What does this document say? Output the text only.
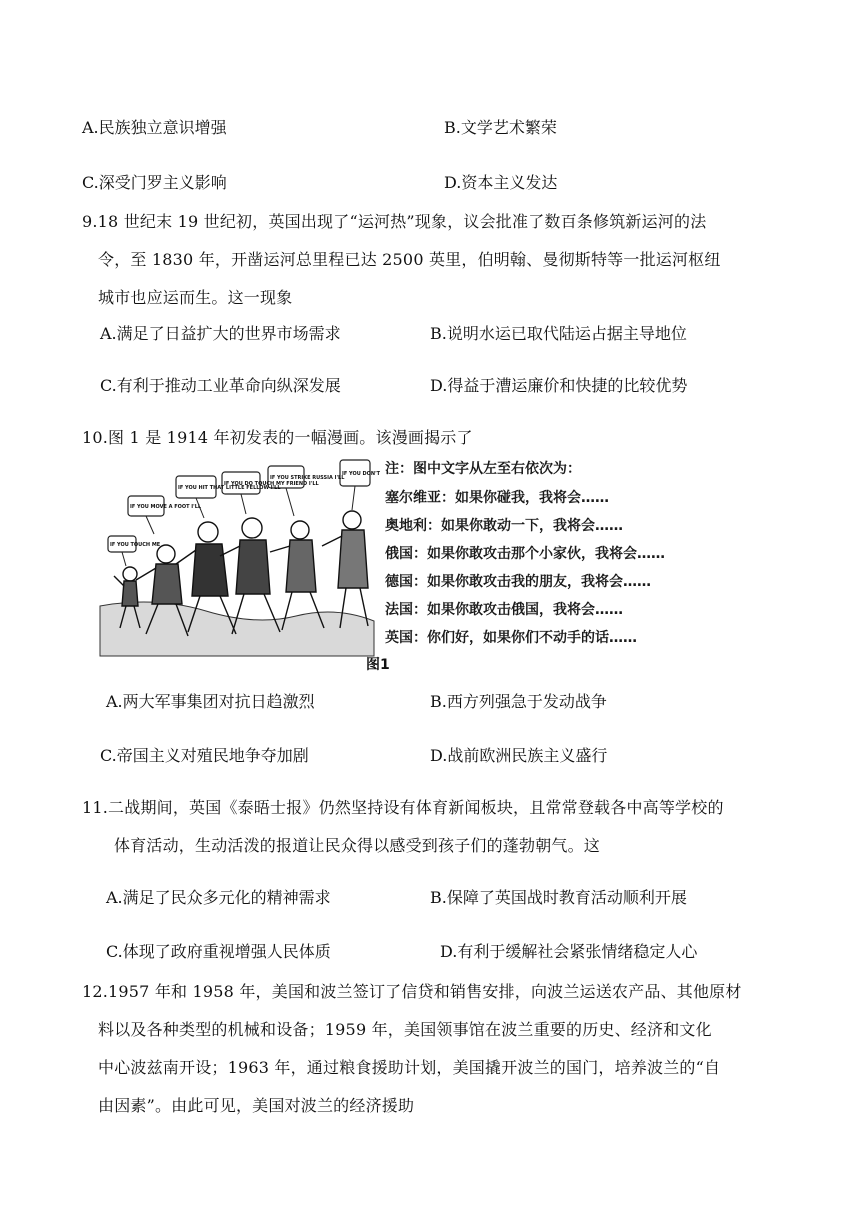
A.民族独立意识增强	B.文学艺术繁荣
C.深受门罗主义影响	D.资本主义发达
9.18 世纪末 19 世纪初，英国出现了“运河热”现象，议会批准了数百条修筑新运河的法
令，至 1830 年，开凿运河总里程已达 2500 英里，伯明翰、曼彻斯特等一批运河枢纽
城市也应运而生。这一现象
A.满足了日益扩大的世界市场需求	B.说明水运已取代陆运占据主导地位
C.有利于推动工业革命向纵深发展	D.得益于漕运廉价和快捷的比较优势
10.图 1 是 1914 年初发表的一幅漫画。该漫画揭示了
IF YOU TOUCH ME
IF YOU MOVE A FOOT I'LL
IF YOU HIT THAT LITTLE FELLOW I'LL
IF YOU DO TOUCH MY FRIEND I'LL
IF YOU STRIKE RUSSIA I'LL
IF YOU DON'T 注：图中文字从左至右依次为：
塞尔维亚：如果你碰我，我将会……
奥地利：如果你敢动一下，我将会……
俄国：如果你敢攻击那个小家伙，我将会……
德国：如果你敢攻击我的朋友，我将会……
法国：如果你敢攻击俄国，我将会……
英国：你们好，如果你们不动手的话……
图1
A.两大军事集团对抗日趋激烈	B.西方列强急于发动战争
C.帝国主义对殖民地争夺加剧	D.战前欧洲民族主义盛行
11.二战期间，英国《泰晤士报》仍然坚持设有体育新闻板块，且常常登载各中高等学校的
体育活动，生动活泼的报道让民众得以感受到孩子们的蓬勃朝气。这
A.满足了民众多元化的精神需求	B.保障了英国战时教育活动顺利开展
C.体现了政府重视增强人民体质	D.有利于缓解社会紧张情绪稳定人心
12.1957 年和 1958 年，美国和波兰签订了信贷和销售安排，向波兰运送农产品、其他原材
料以及各种类型的机械和设备；1959 年，美国领事馆在波兰重要的历史、经济和文化
中心波兹南开设；1963 年，通过粮食援助计划，美国撬开波兰的国门，培养波兰的“自
由因素”。由此可见，美国对波兰的经济援助
